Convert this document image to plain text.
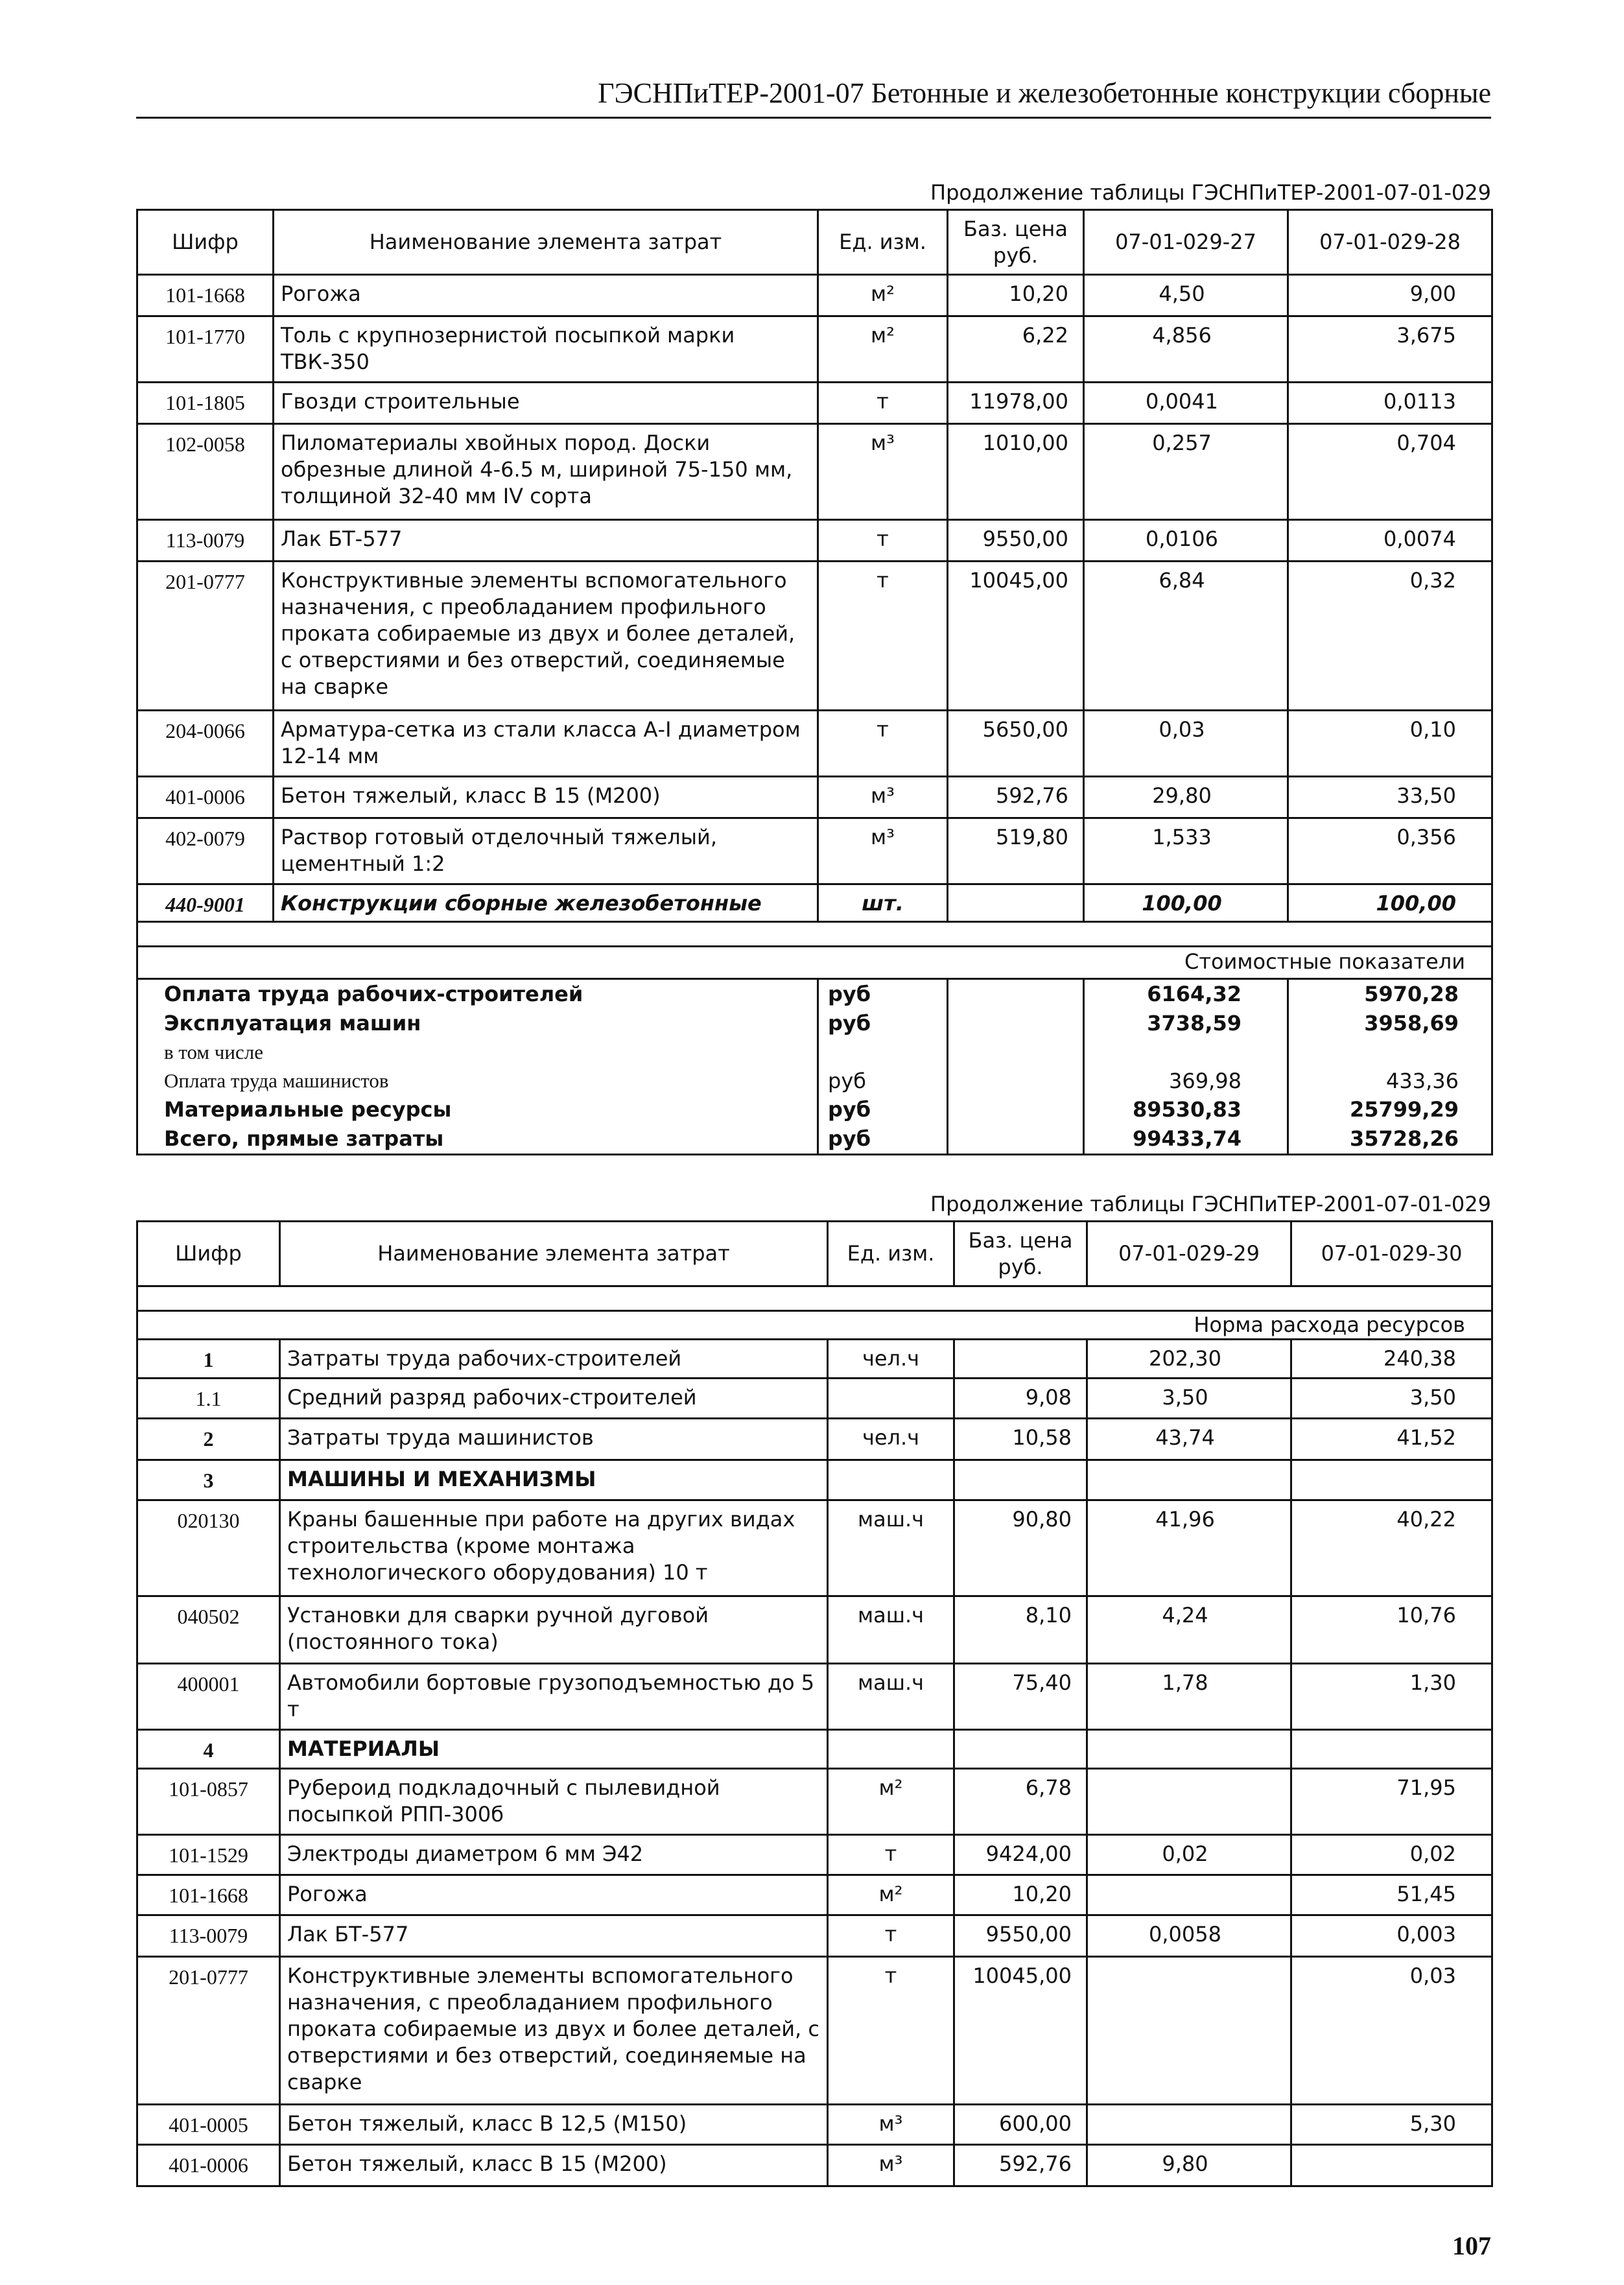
ГЭСНПиТЕР-2001-07 Бетонные и железобетонные конструкции сборные
Продолжение таблицы ГЭСНПиТЕР-2001-07-01-029
Шифр	Наименование элемента затрат	Ед. изм.	Баз. цена руб.	07-01-029-27	07-01-029-28
101-1668	Рогожа	м²	10,20	4,50	9,00
101-1770	Толь с крупнозернистой посыпкой марки ТВК-350	м²	6,22	4,856	3,675
101-1805	Гвозди строительные	т	11978,00	0,0041	0,0113
102-0058	Пиломатериалы хвойных пород. Доски обрезные длиной 4-6.5 м, шириной 75-150 мм, толщиной 32-40 мм IV сорта	м³	1010,00	0,257	0,704
113-0079	Лак БТ-577	т	9550,00	0,0106	0,0074
201-0777	Конструктивные элементы вспомогательного назначения, с преобладанием профильного проката собираемые из двух и более деталей, с отверстиями и без отверстий, соединяемые на сварке	т	10045,00	6,84	0,32
204-0066	Арматура-сетка из стали класса А-I диаметром 12-14 мм	т	5650,00	0,03	0,10
401-0006	Бетон тяжелый, класс В 15 (М200)	м³	592,76	29,80	33,50
402-0079	Раствор готовый отделочный тяжелый, цементный 1:2	м³	519,80	1,533	0,356
440-9001	Конструкции сборные железобетонные	шт.		100,00	100,00

Стоимостные показатели					
Оплата труда рабочих-строителей		руб		6164,32	5970,28
Эксплуатация машин		руб		3738,59	3958,69
в том числе					
Оплата труда машинистов		руб		369,98	433,36
Материальные ресурсы		руб		89530,83	25799,29
Всего, прямые затраты		руб		99433,74	35728,26
Продолжение таблицы ГЭСНПиТЕР-2001-07-01-029
Шифр	Наименование элемента затрат	Ед. изм.	Баз. цена руб.	07-01-029-29	07-01-029-30

Норма расхода ресурсов					
1	Затраты труда рабочих-строителей	чел.ч		202,30	240,38
1.1	Средний разряд рабочих-строителей		9,08	3,50	3,50
2	Затраты труда машинистов	чел.ч	10,58	43,74	41,52
3	МАШИНЫ И МЕХАНИЗМЫ				
020130	Краны башенные при работе на других видах строительства (кроме монтажа технологического оборудования) 10 т	маш.ч	90,80	41,96	40,22
040502	Установки для сварки ручной дуговой (постоянного тока)	маш.ч	8,10	4,24	10,76
400001	Автомобили бортовые грузоподъемностью до 5 т	маш.ч	75,40	1,78	1,30
4	МАТЕРИАЛЫ				
101-0857	Рубероид подкладочный с пылевидной посыпкой РПП-300б	м²	6,78		71,95
101-1529	Электроды диаметром 6 мм Э42	т	9424,00	0,02	0,02
101-1668	Рогожа	м²	10,20		51,45
113-0079	Лак БТ-577	т	9550,00	0,0058	0,003
201-0777	Конструктивные элементы вспомогательного назначения, с преобладанием профильного проката собираемые из двух и более деталей, с отверстиями и без отверстий, соединяемые на сварке	т	10045,00		0,03
401-0005	Бетон тяжелый, класс В 12,5 (М150)	м³	600,00		5,30
401-0006	Бетон тяжелый, класс В 15 (М200)	м³	592,76	9,80	
107
